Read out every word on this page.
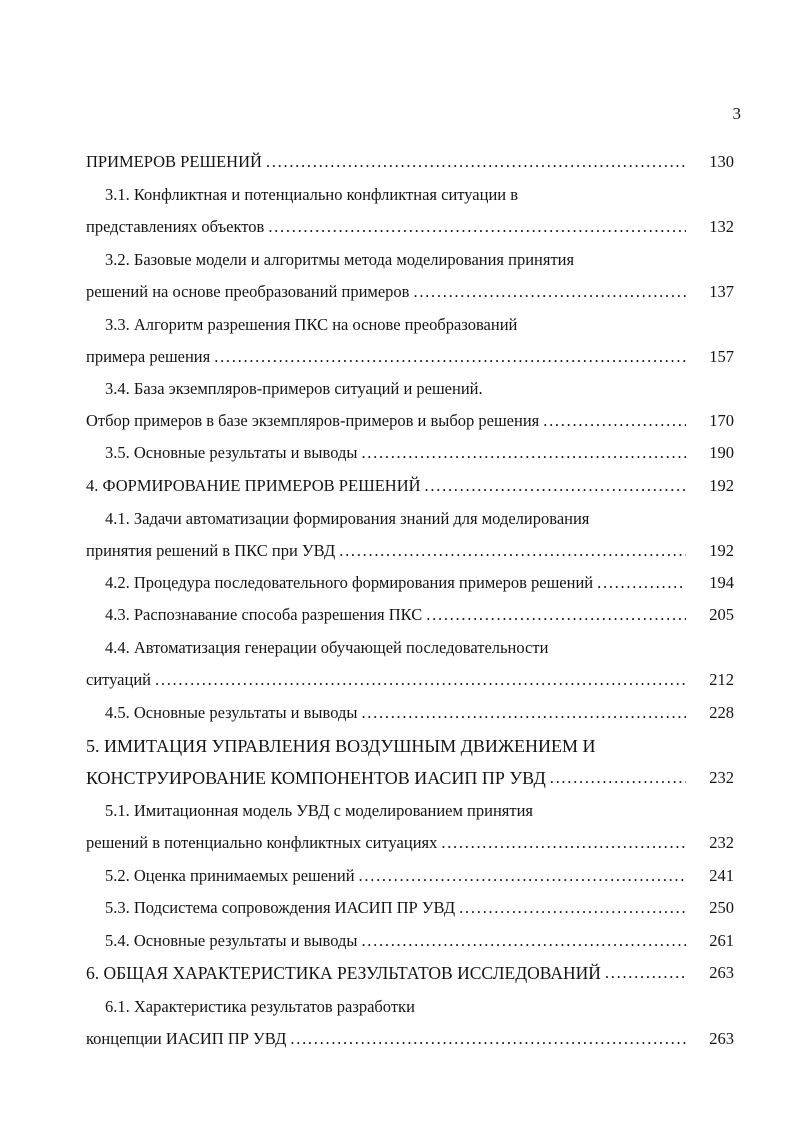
3
ПРИМЕРОВ РЕШЕНИЙ . . .	130
3.1. Конфликтная и потенциально конфликтная ситуации в
представлениях объектов . . .	132
3.2. Базовые модели и алгоритмы метода моделирования принятия
решений на основе преобразований примеров . . .	137
3.3. Алгоритм разрешения ПКС на основе преобразований
примера решения . . .	157
3.4. База экземпляров-примеров ситуаций и решений.
Отбор примеров в базе экземпляров-примеров и выбор решения . . .	170
3.5. Основные результаты и выводы . . .	190
4. ФОРМИРОВАНИЕ ПРИМЕРОВ РЕШЕНИЙ . . .	192
4.1. Задачи автоматизации формирования знаний для моделирования
принятия решений в ПКС при УВД . . .	192
4.2. Процедура последовательного формирования примеров решений . . .	194
4.3. Распознавание способа разрешения ПКС . . .	205
4.4. Автоматизация генерации обучающей последовательности
ситуаций . . .	212
4.5. Основные результаты и выводы . . .	228
5. ИМИТАЦИЯ УПРАВЛЕНИЯ ВОЗДУШНЫМ ДВИЖЕНИЕМ И
КОНСТРУИРОВАНИЕ КОМПОНЕНТОВ ИАСИП ПР УВД . . .	232
5.1. Имитационная модель УВД с моделированием принятия
решений в потенциально конфликтных ситуациях . . .	232
5.2. Оценка принимаемых решений . . .	241
5.3. Подсистема сопровождения ИАСИП ПР УВД . . .	250
5.4. Основные результаты и выводы . . .	261
6. ОБЩАЯ ХАРАКТЕРИСТИКА РЕЗУЛЬТАТОВ ИССЛЕДОВАНИЙ . . .	263
6.1. Характеристика результатов разработки
концепции ИАСИП ПР УВД . . .	263
